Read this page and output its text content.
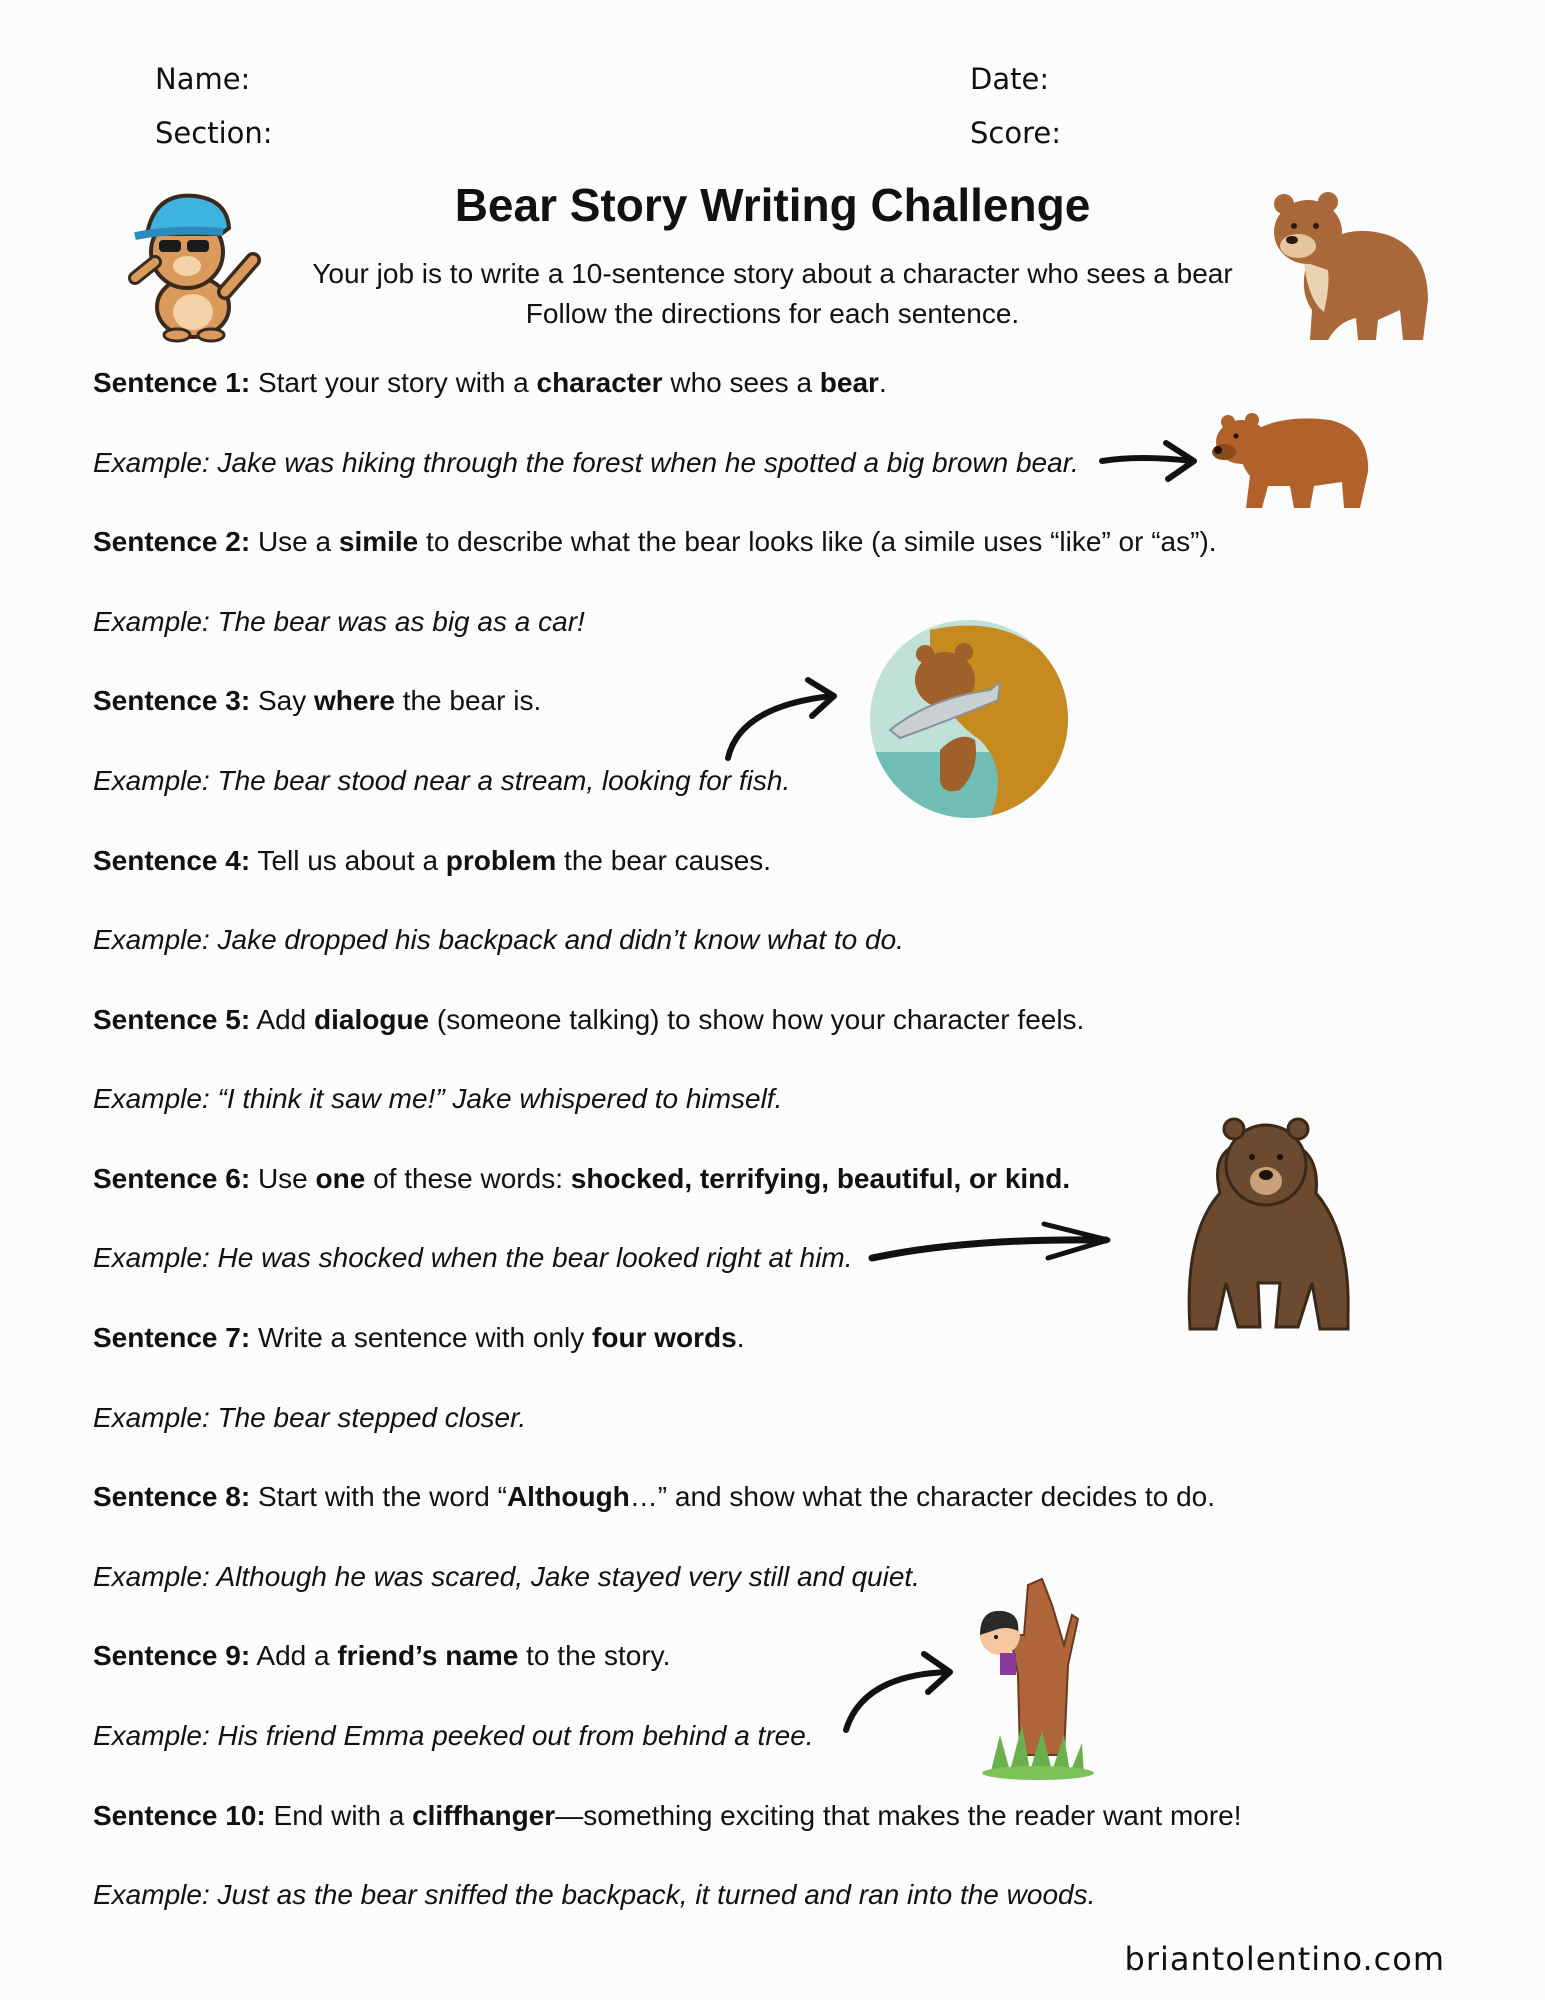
Name:
Section:
Date:
Score:
Bear Story Writing Challenge
Your job is to write a 10-sentence story about a character who sees a bear
Follow the directions for each sentence.
Sentence 1: Start your story with a character who sees a bear.
Example: Jake was hiking through the forest when he spotted a big brown bear.
Sentence 2: Use a simile to describe what the bear looks like (a simile uses “like” or “as”).
Example: The bear was as big as a car!
Sentence 3: Say where the bear is.
Example: The bear stood near a stream, looking for fish.
Sentence 4: Tell us about a problem the bear causes.
Example: Jake dropped his backpack and didn’t know what to do.
Sentence 5: Add dialogue (someone talking) to show how your character feels.
Example: “I think it saw me!” Jake whispered to himself.
Sentence 6: Use one of these words: shocked, terrifying, beautiful, or kind.
Example: He was shocked when the bear looked right at him.
Sentence 7: Write a sentence with only four words.
Example: The bear stepped closer.
Sentence 8: Start with the word “Although…” and show what the character decides to do.
Example: Although he was scared, Jake stayed very still and quiet.
Sentence 9: Add a friend’s name to the story.
Example: His friend Emma peeked out from behind a tree.
Sentence 10: End with a cliffhanger—something exciting that makes the reader want more!
Example: Just as the bear sniffed the backpack, it turned and ran into the woods.
briantolentino.com
